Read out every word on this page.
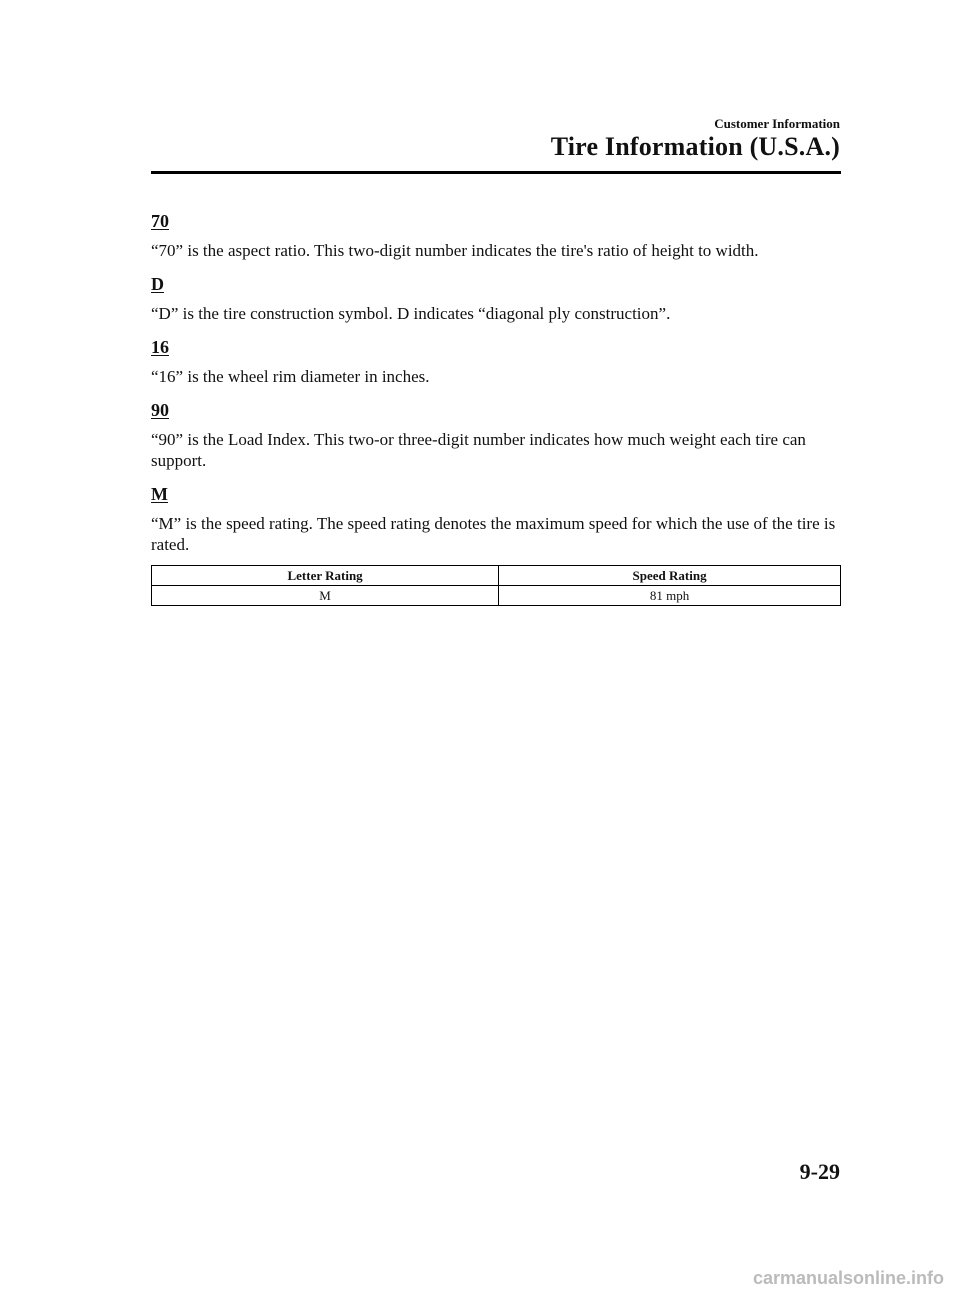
Customer Information
Tire Information (U.S.A.)

70

“70” is the aspect ratio. This two-digit number indicates the tire's ratio of height to width.

D

“D” is the tire construction symbol. D indicates “diagonal ply construction”.

16

“16” is the wheel rim diameter in inches.

90

“90” is the Load Index. This two-or three-digit number indicates how much weight each tire can support.

M

“M” is the speed rating. The speed rating denotes the maximum speed for which the use of the tire is rated.

Letter Rating	Speed Rating
M	81 mph
9-29
carmanualsonline.info
